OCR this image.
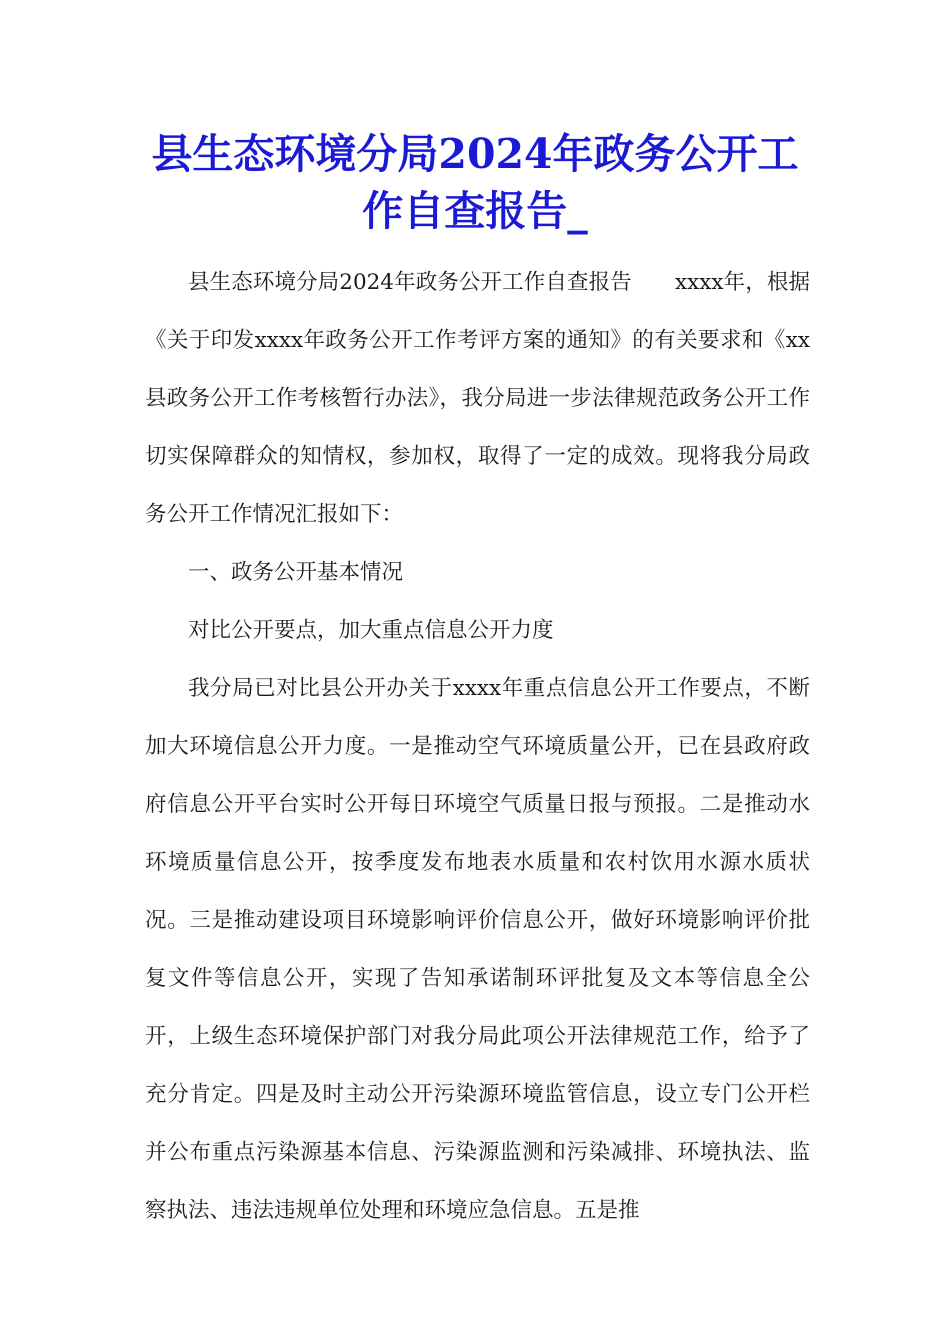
县生态环境分局2024年政务公开工作自查报告_

县生态环境分局2024年政务公开工作自查报告　　xxxx年，根据《关于印发xxxx年政务公开工作考评方案的通知》的有关要求和《xx县政务公开工作考核暂行办法》，我分局进一步法律规范政务公开工作切实保障群众的知情权，参加权，取得了一定的成效。现将我分局政务公开工作情况汇报如下：

一、政务公开基本情况

对比公开要点，加大重点信息公开力度

我分局已对比县公开办关于xxxx年重点信息公开工作要点，不断加大环境信息公开力度。一是推动空气环境质量公开，已在县政府政府信息公开平台实时公开每日环境空气质量日报与预报。二是推动水环境质量信息公开，按季度发布地表水质量和农村饮用水源水质状况。三是推动建设项目环境影响评价信息公开，做好环境影响评价批复文件等信息公开，实现了告知承诺制环评批复及文本等信息全公开，上级生态环境保护部门对我分局此项公开法律规范工作，给予了充分肯定。四是及时主动公开污染源环境监管信息，设立专门公开栏并公布重点污染源基本信息、污染源监测和污染减排、环境执法、监察执法、违法违规单位处理和环境应急信息。五是推
